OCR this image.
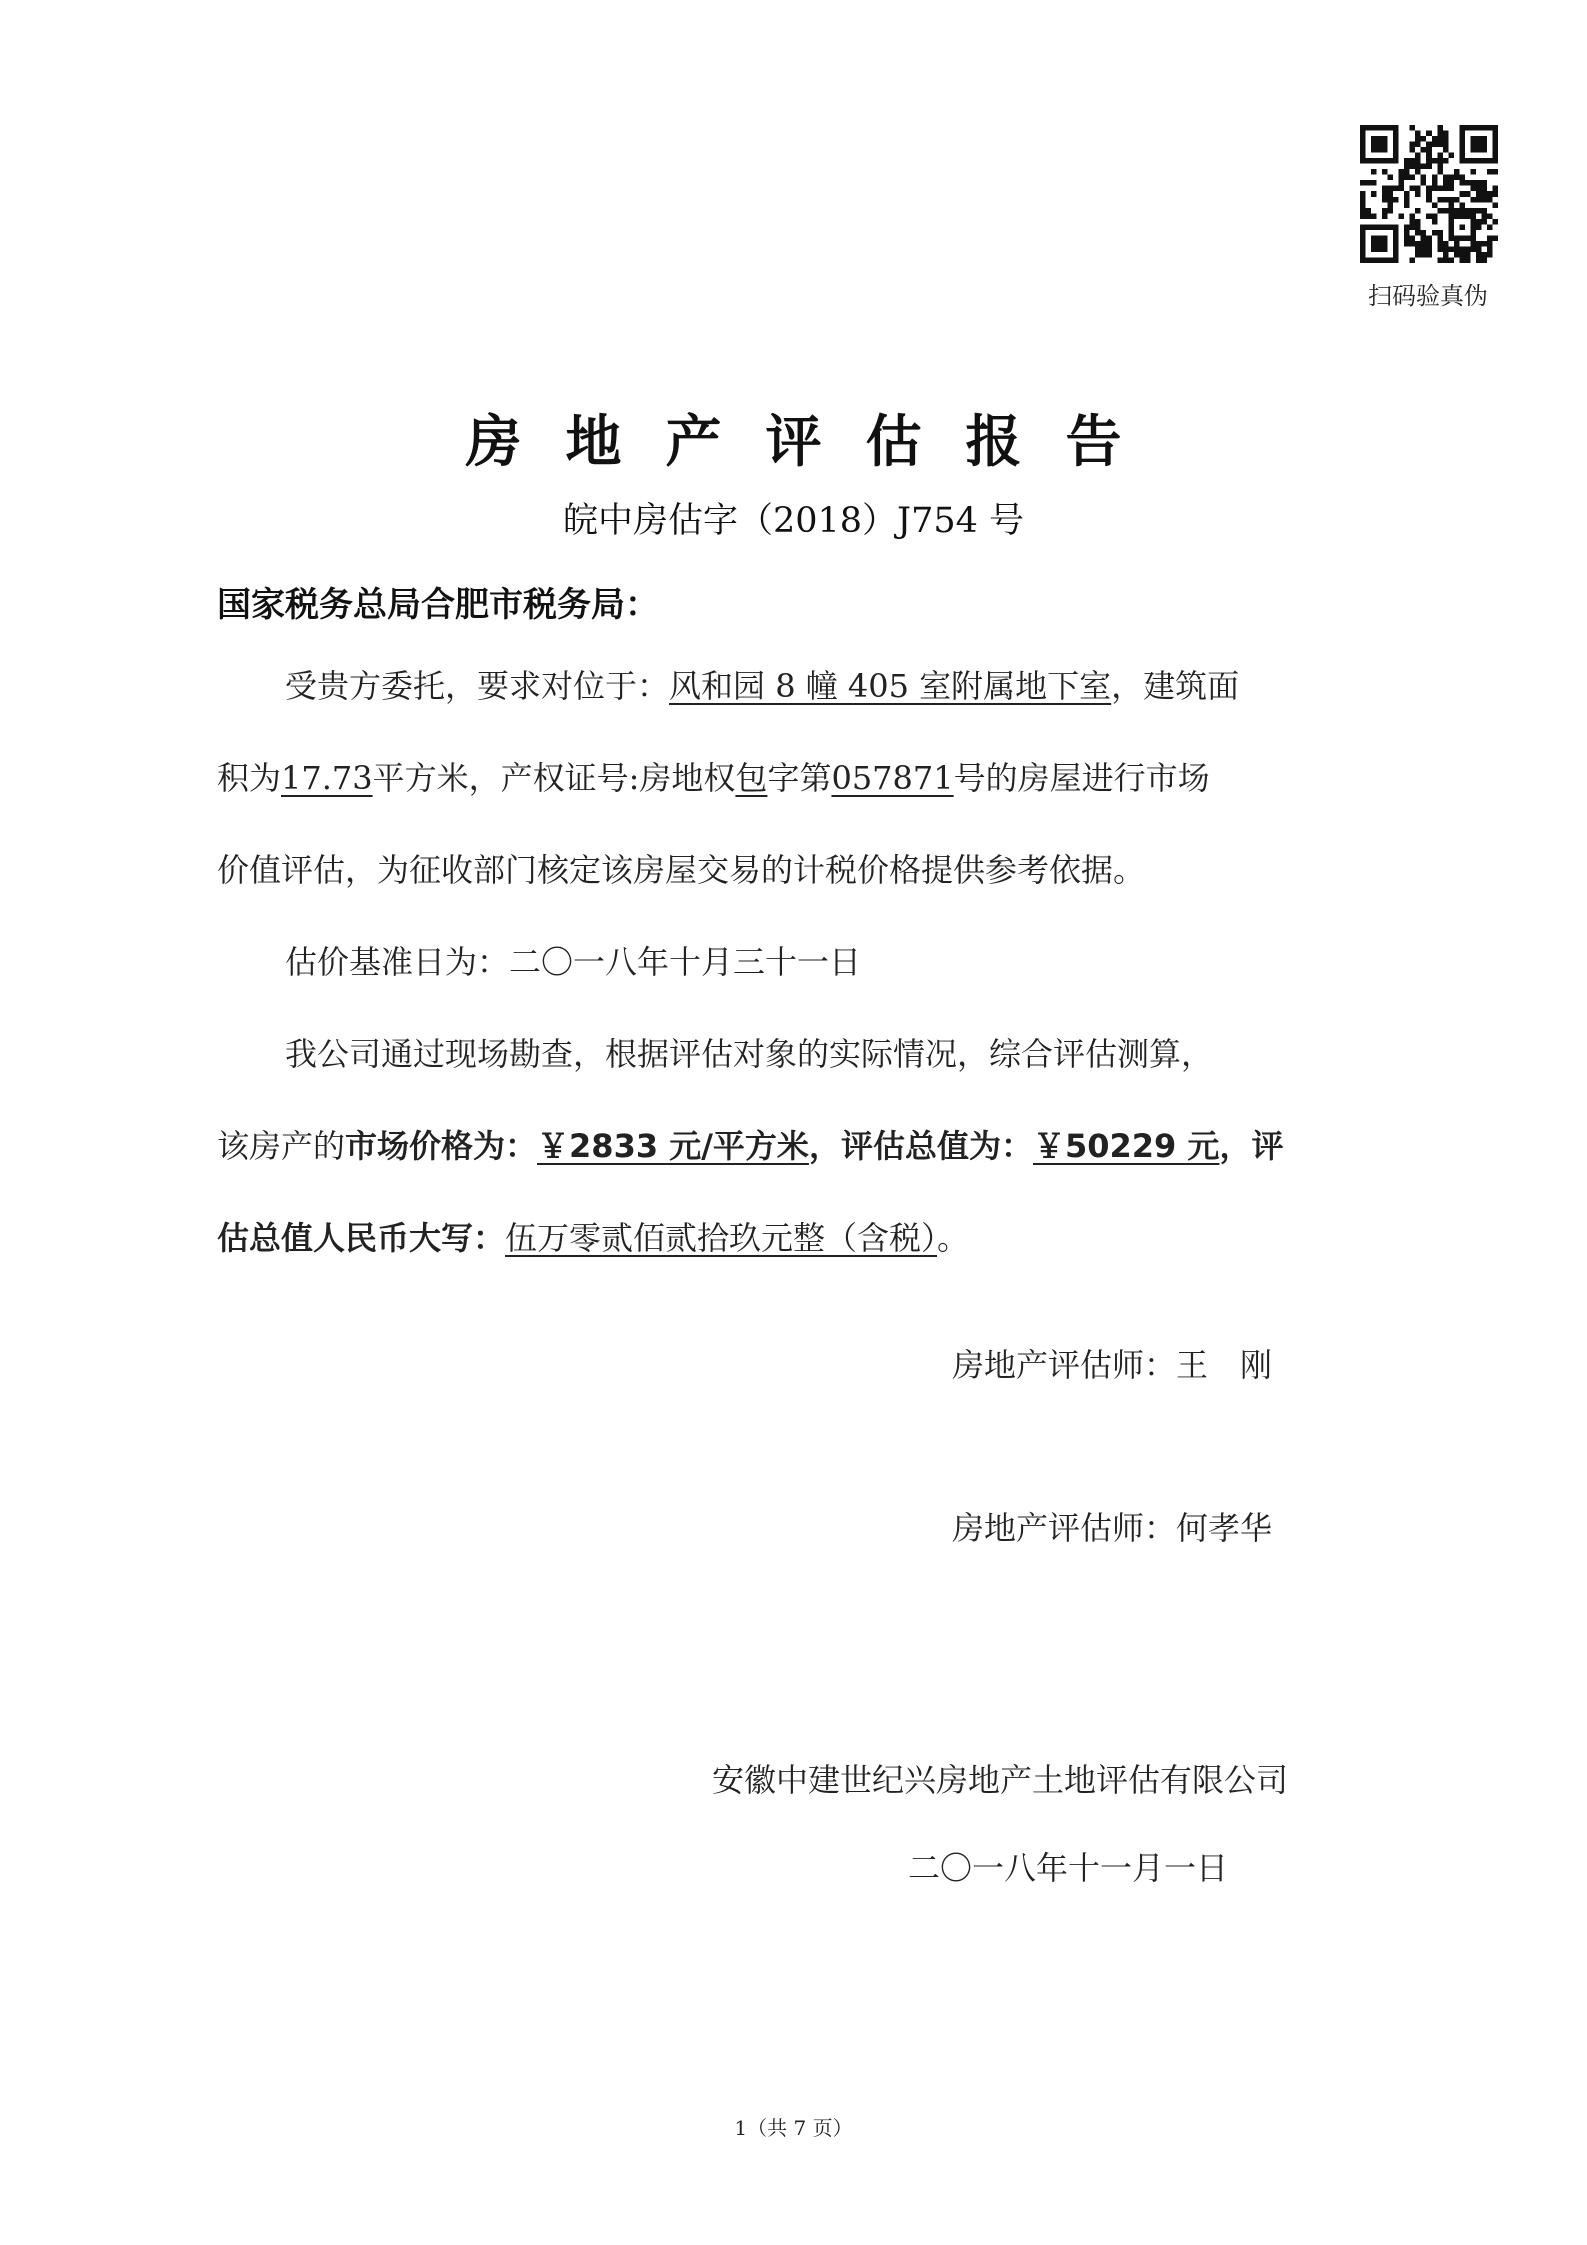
扫码验真伪
房地产评估报告
皖中房估字（2018）J754 号
国家税务总局合肥市税务局：
受贵方委托，要求对位于：风和园 8 幢 405 室附属地下室，建筑面
积为17.73平方米，产权证号:房地权包字第057871号的房屋进行市场
价值评估，为征收部门核定该房屋交易的计税价格提供参考依据。
估价基准日为：二〇一八年十月三十一日
我公司通过现场勘查，根据评估对象的实际情况，综合评估测算，
该房产的市场价格为：￥2833 元/平方米，评估总值为：￥50229 元，评
估总值人民币大写：伍万零贰佰贰拾玖元整（含税）。
房地产评估师：王　刚
房地产评估师：何孝华
安徽中建世纪兴房地产土地评估有限公司
二〇一八年十一月一日
1（共 7 页）
